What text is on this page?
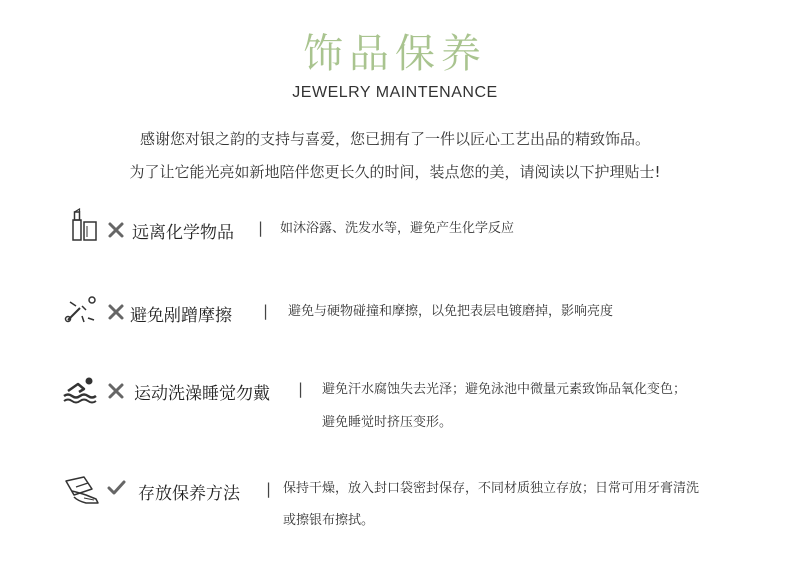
饰品保养
JEWELRY MAINTENANCE
感谢您对银之韵的支持与喜爱，您已拥有了一件以匠心工艺出品的精致饰品。
为了让它能光亮如新地陪伴您更长久的时间，装点您的美，请阅读以下护理贴士!
远离化学物品 | 如沐浴露、洗发水等，避免产生化学反应
避免剐蹭摩擦 | 避免与硬物碰撞和摩擦，以免把表层电镀磨掉，影响亮度
运动洗澡睡觉勿戴 | 避免汗水腐蚀失去光泽；避免泳池中微量元素致饰品氧化变色；
避免睡觉时挤压变形。
存放保养方法 | 保持干燥，放入封口袋密封保存，不同材质独立存放；日常可用牙膏清洗
或擦银布擦拭。
